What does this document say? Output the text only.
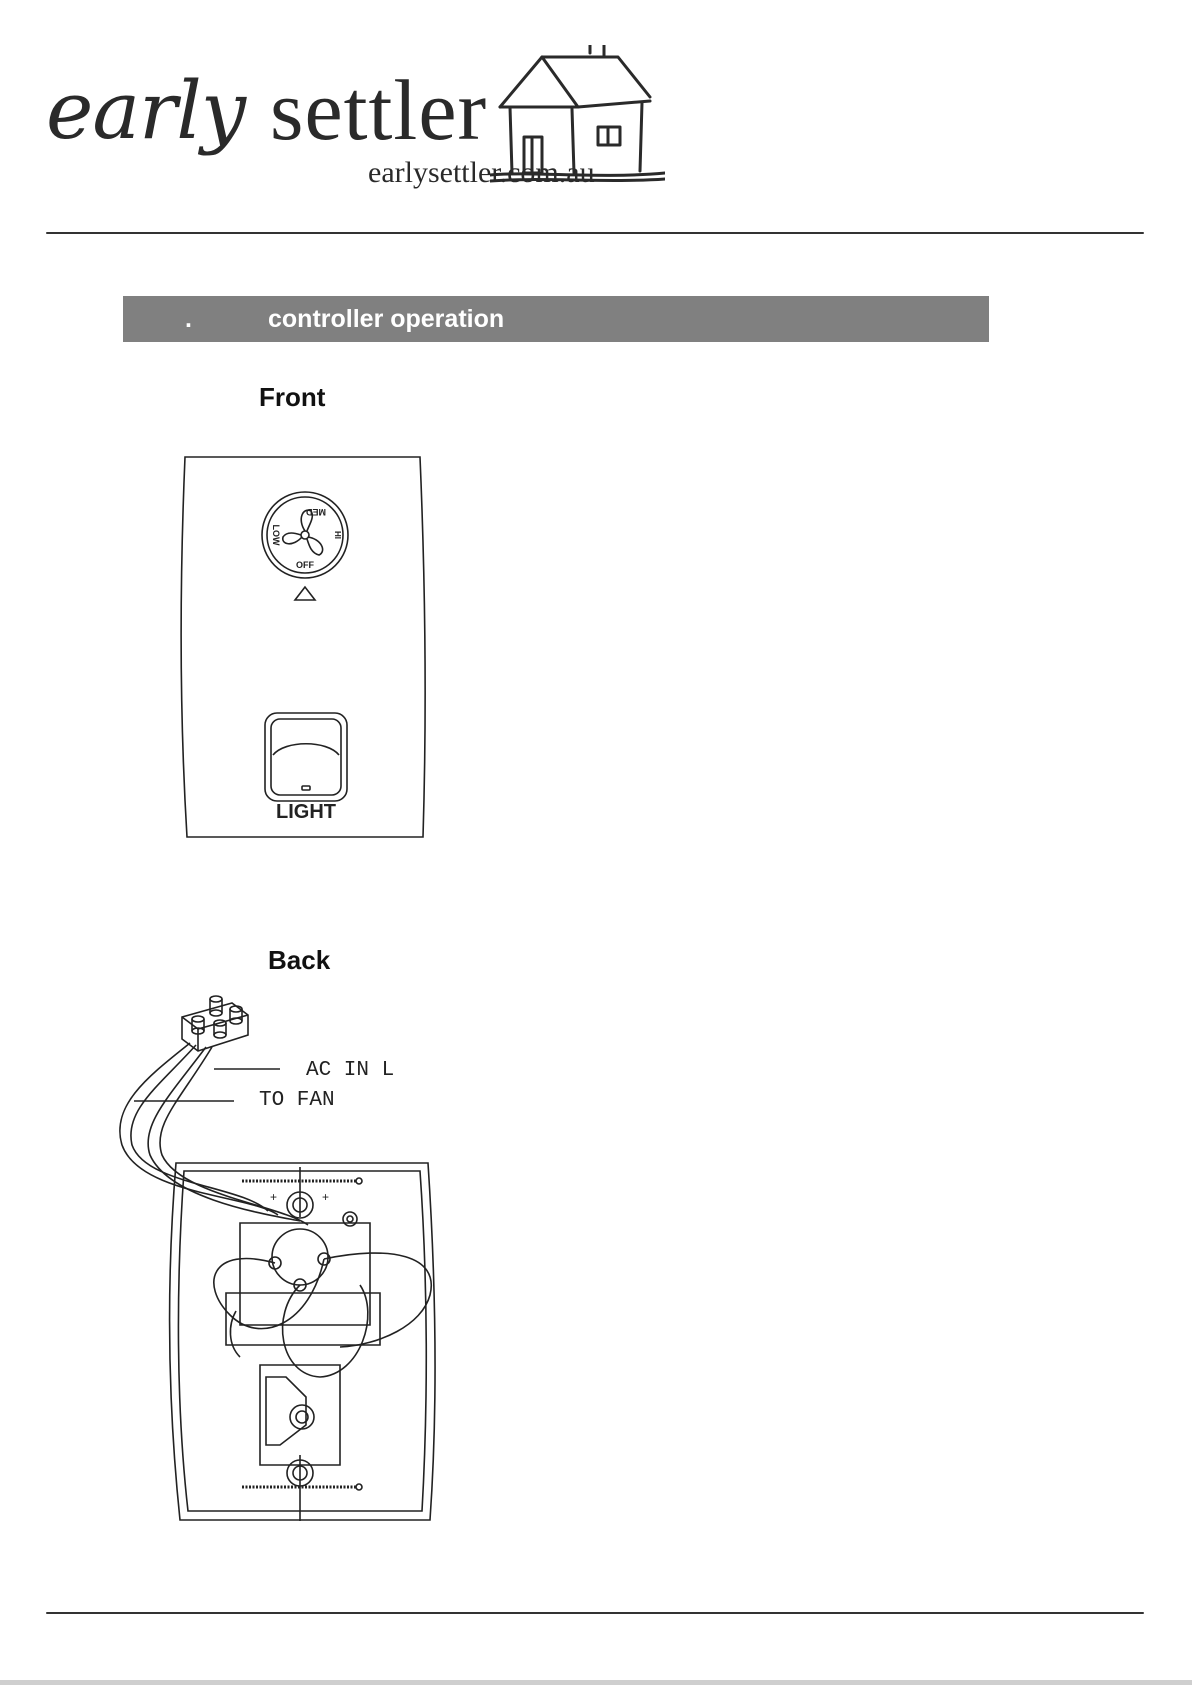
early settler
earlysettler.com.au
.	controller operation
Front
MED
LOW	HI
OFF
LIGHT
Back
+	+
AC IN L
TO FAN
